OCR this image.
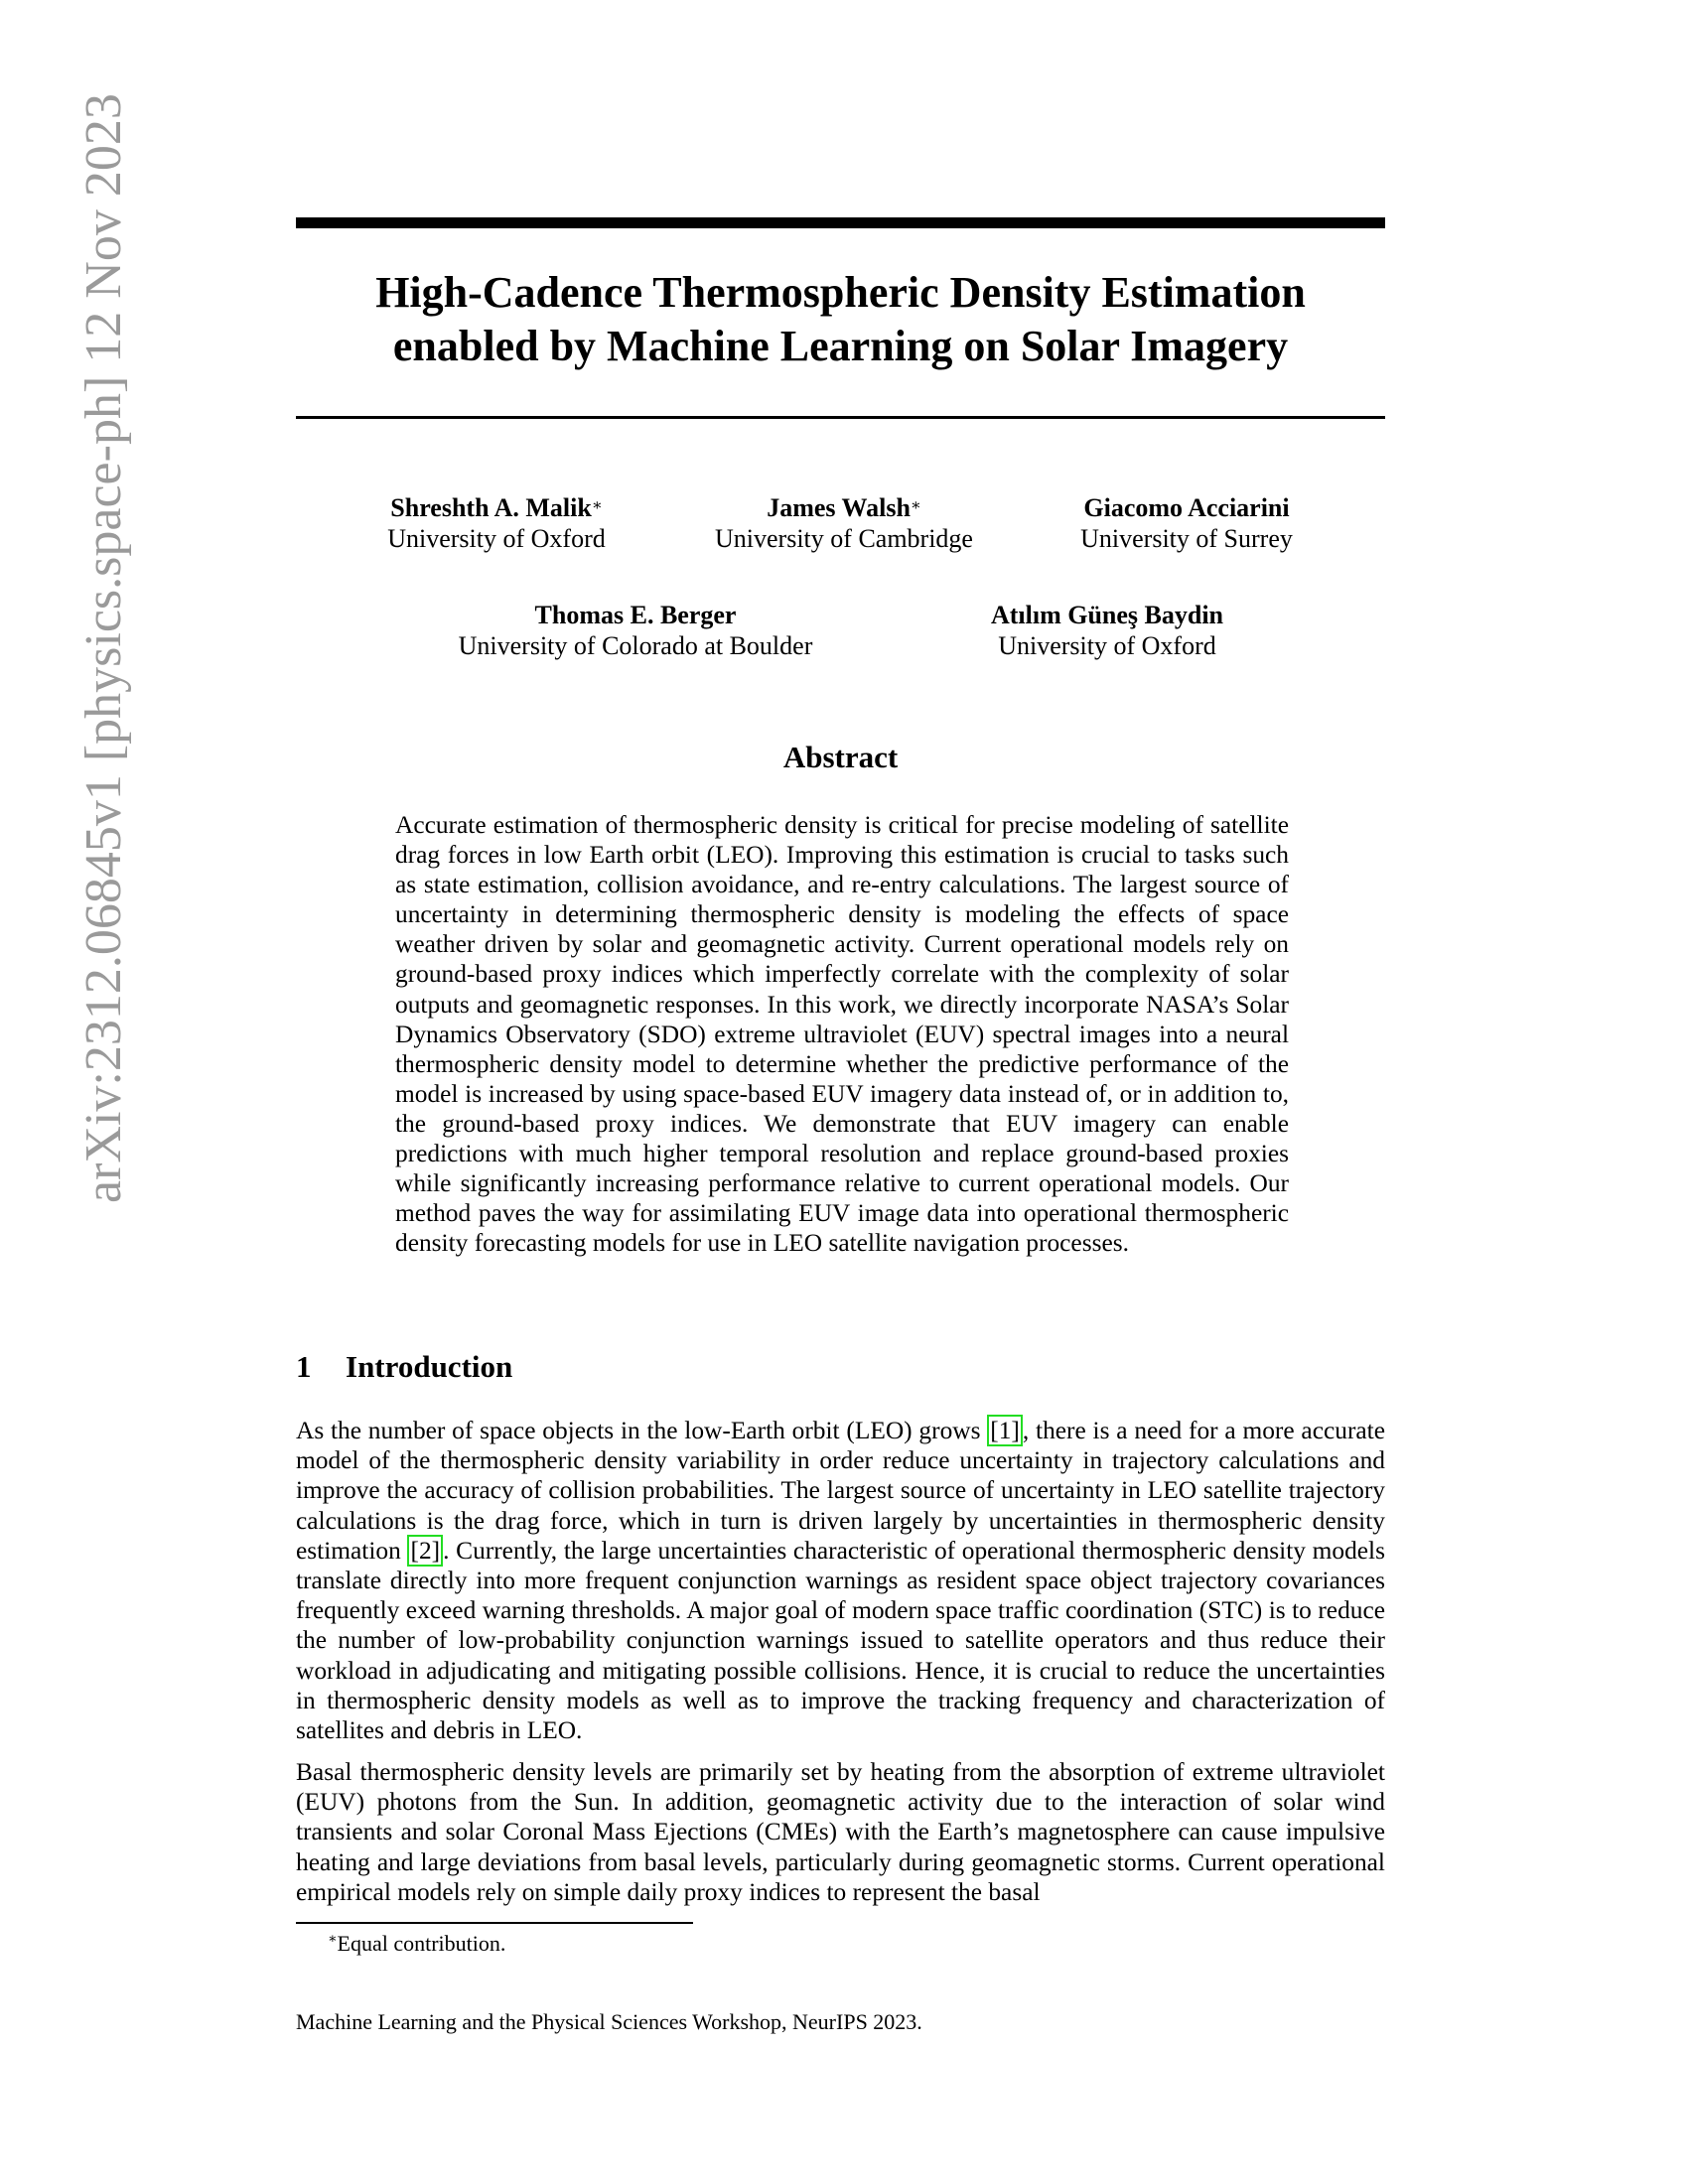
arXiv:2312.06845v1 [physics.space-ph] 12 Nov 2023	High-Cadence Thermospheric Density Estimation
enabled by Machine Learning on Solar Imagery
Shreshth A. Malik∗
University of Oxford
James Walsh∗
University of Cambridge
Giacomo Acciarini
University of Surrey
Thomas E. Berger
University of Colorado at Boulder
Atılım Güneş Baydin
University of Oxford
Abstract
Accurate estimation of thermospheric density is critical for precise modeling of satellite drag forces in low Earth orbit (LEO). Improving this estimation is crucial to tasks such as state estimation, collision avoidance, and re-entry calculations. The largest source of uncertainty in determining thermospheric density is modeling the effects of space weather driven by solar and geomagnetic activity. Current operational models rely on ground-based proxy indices which imperfectly correlate with the complexity of solar outputs and geomagnetic responses. In this work, we directly incorporate NASA’s Solar Dynamics Observatory (SDO) extreme ultraviolet (EUV) spectral images into a neural thermospheric density model to determine whether the predictive performance of the model is increased by using space-based EUV imagery data instead of, or in addition to, the ground-based proxy indices. We demonstrate that EUV imagery can enable predictions with much higher temporal resolution and replace ground-based proxies while significantly increasing performance relative to current operational models. Our method paves the way for assimilating EUV image data into operational thermospheric density forecasting models for use in LEO satellite navigation processes.
1 Introduction
As the number of space objects in the low-Earth orbit (LEO) grows [1] , there is a need for a more accurate model of the thermospheric density variability in order reduce uncertainty in trajectory calculations and improve the accuracy of collision probabilities. The largest source of uncertainty in LEO satellite trajectory calculations is the drag force, which in turn is driven largely by uncertainties in thermospheric density estimation [2] . Currently, the large uncertainties characteristic of operational thermospheric density models translate directly into more frequent conjunction warnings as resident space object trajectory covariances frequently exceed warning thresholds. A major goal of modern space traffic coordination (STC) is to reduce the number of low-probability conjunction warnings issued to satellite operators and thus reduce their workload in adjudicating and mitigating possible collisions. Hence, it is crucial to reduce the uncertainties in thermospheric density models as well as to improve the tracking frequency and characterization of satellites and debris in LEO.
Basal thermospheric density levels are primarily set by heating from the absorption of extreme ultraviolet (EUV) photons from the Sun. In addition, geomagnetic activity due to the interaction of solar wind transients and solar Coronal Mass Ejections (CMEs) with the Earth’s magnetosphere can cause impulsive heating and large deviations from basal levels, particularly during geomagnetic storms. Current operational empirical models rely on simple daily proxy indices to represent the basal
∗Equal contribution.
Machine Learning and the Physical Sciences Workshop, NeurIPS 2023.
